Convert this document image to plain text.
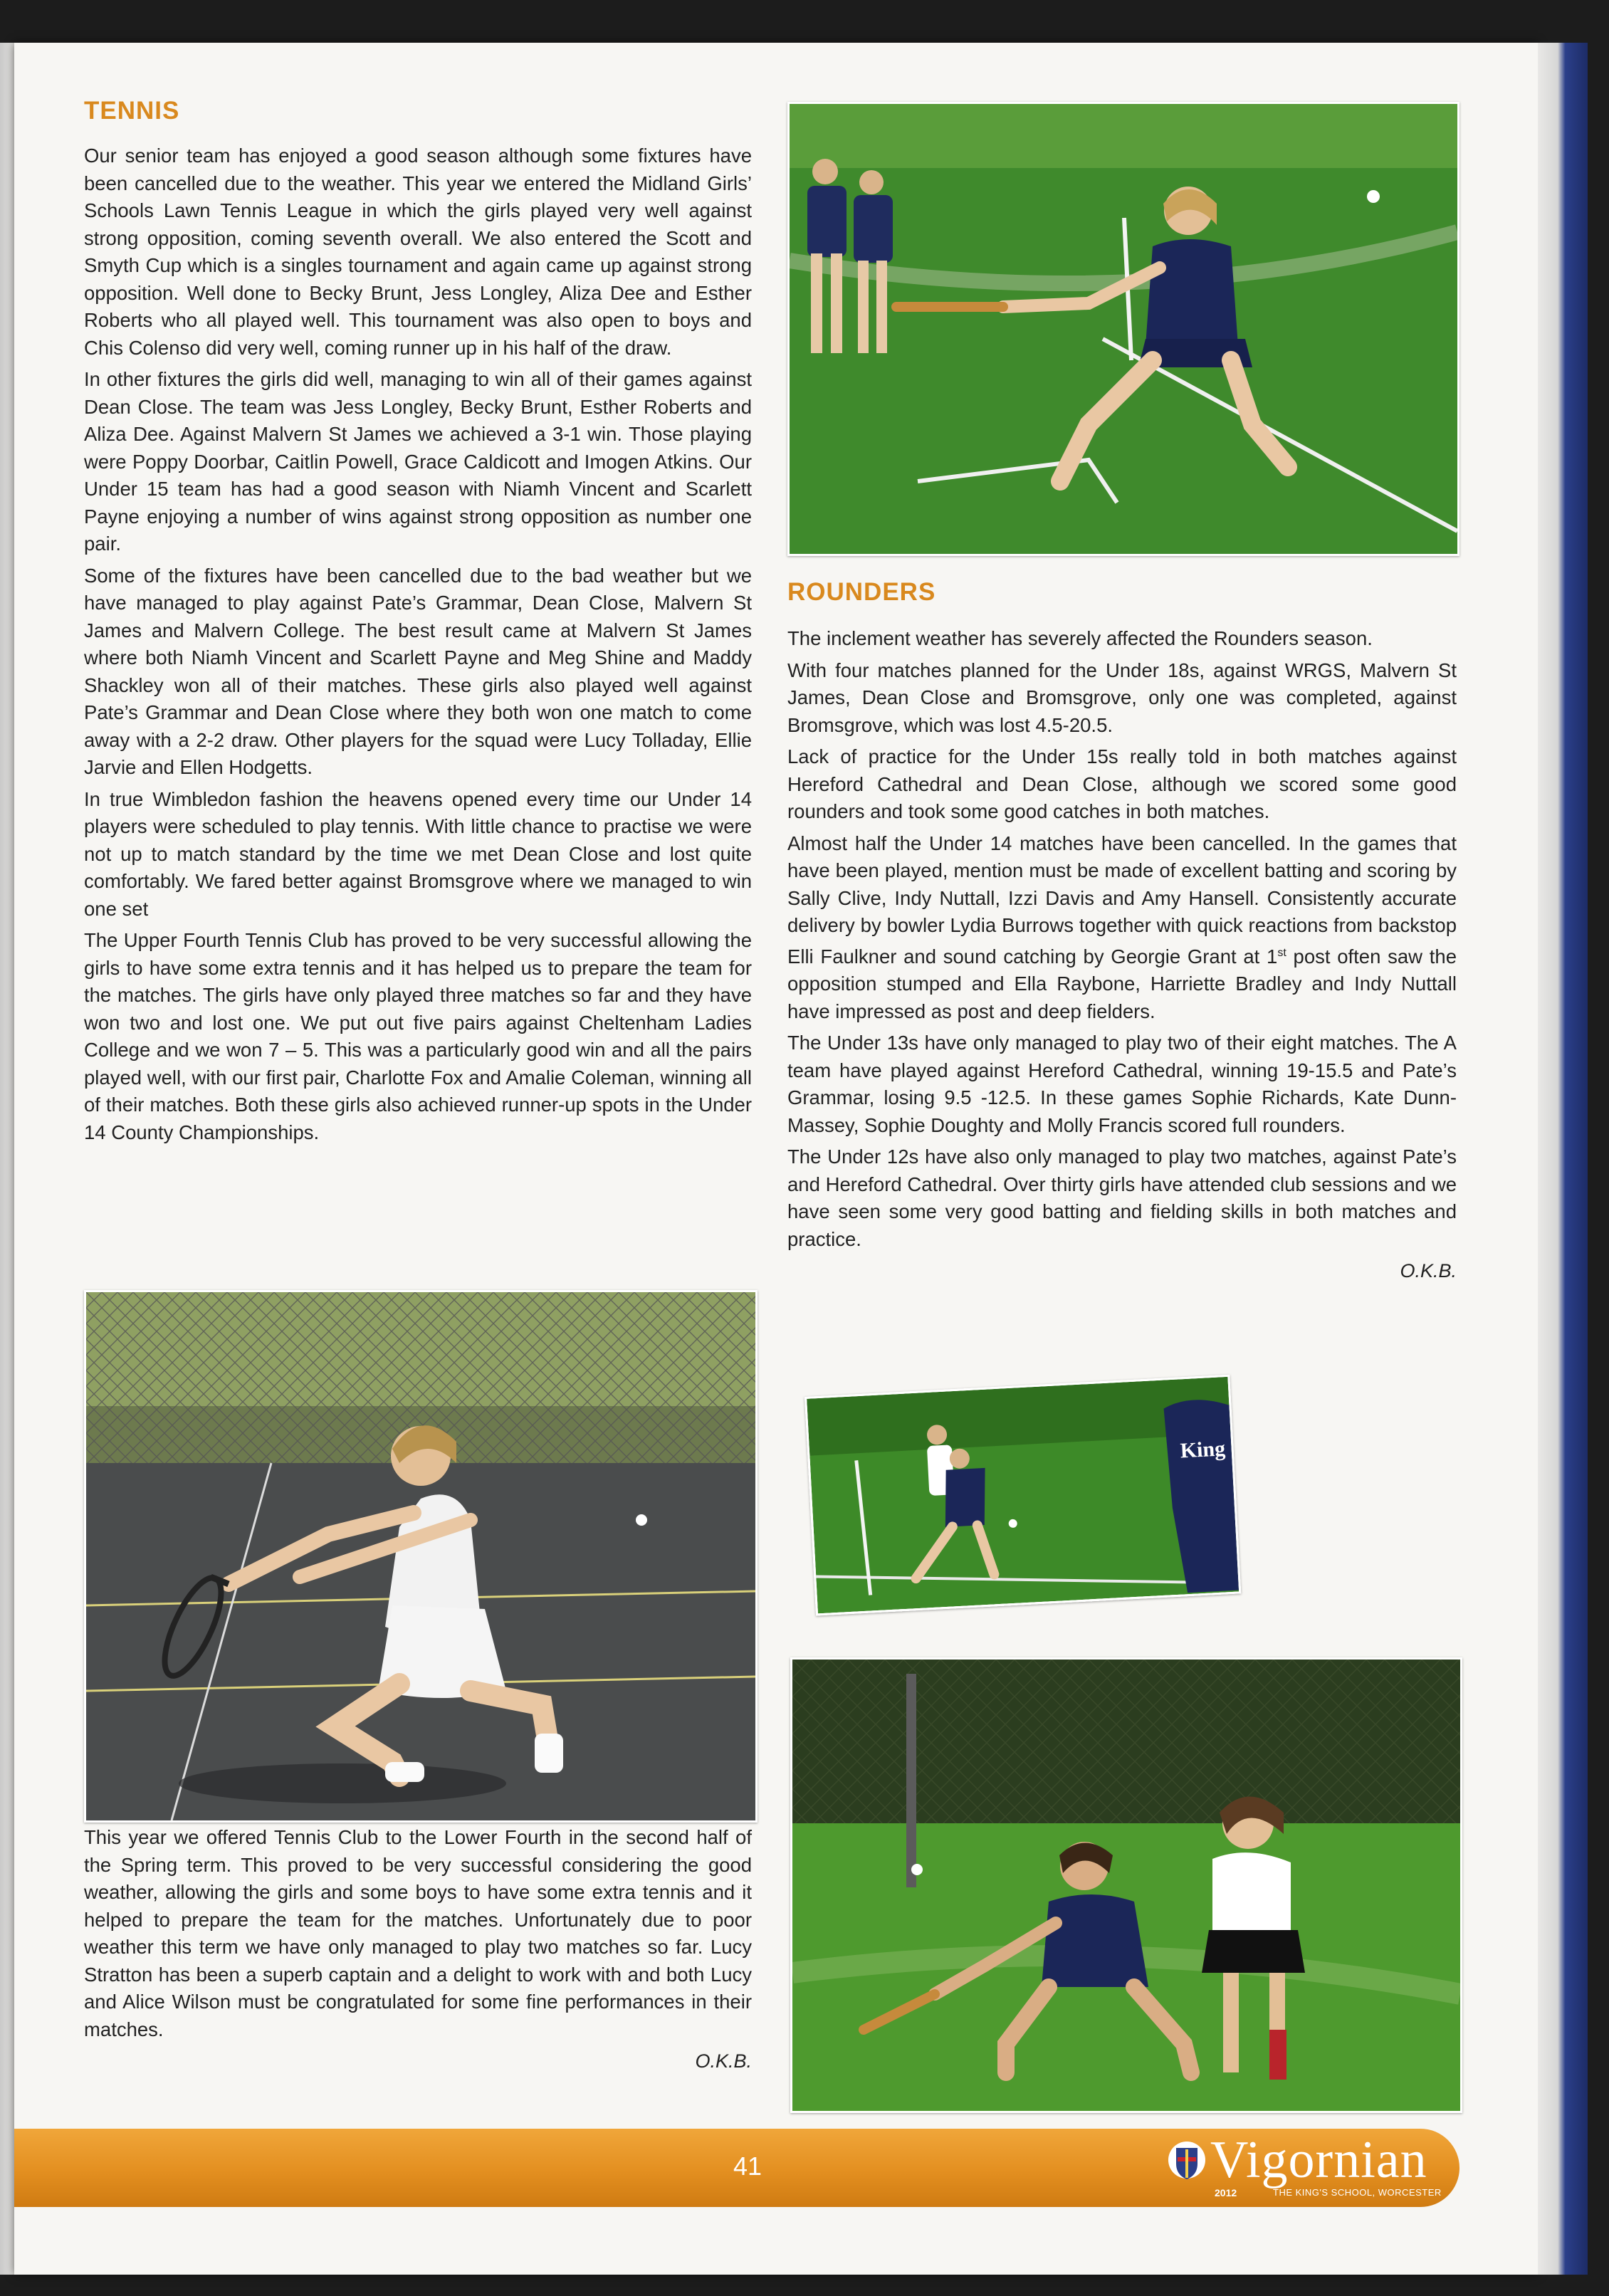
TENNIS

Our senior team has enjoyed a good season although some fixtures have been cancelled due to the weather. This year we entered the Midland Girls’ Schools Lawn Tennis League in which the girls played very well against strong opposition, coming seventh overall. We also entered the Scott and Smyth Cup which is a singles tournament and again came up against strong opposition. Well done to Becky Brunt, Jess Longley, Aliza Dee and Esther Roberts who all played well. This tournament was also open to boys and Chis Colenso did very well, coming runner up in his half of the draw.

In other fixtures the girls did well, managing to win all of their games against Dean Close. The team was Jess Longley, Becky Brunt, Esther Roberts and Aliza Dee. Against Malvern St James we achieved a 3-1 win. Those playing were Poppy Doorbar, Caitlin Powell, Grace Caldicott and Imogen Atkins. Our Under 15 team has had a good season with Niamh Vincent and Scarlett Payne enjoying a number of wins against strong opposition as number one pair.

Some of the fixtures have been cancelled due to the bad weather but we have managed to play against Pate’s Grammar, Dean Close, Malvern St James and Malvern College. The best result came at Malvern St James where both Niamh Vincent and Scarlett Payne and Meg Shine and Maddy Shackley won all of their matches. These girls also played well against Pate’s Grammar and Dean Close where they both won one match to come away with a 2-2 draw. Other players for the squad were Lucy Tolladay, Ellie Jarvie and Ellen Hodgetts.

In true Wimbledon fashion the heavens opened every time our Under 14 players were scheduled to play tennis. With little chance to practise we were not up to match standard by the time we met Dean Close and lost quite comfortably. We fared better against Bromsgrove where we managed to win one set

The Upper Fourth Tennis Club has proved to be very successful allowing the girls to have some extra tennis and it has helped us to prepare the team for the matches. The girls have only played three matches so far and they have won two and lost one. We put out five pairs against Cheltenham Ladies College and we won 7 – 5. This was a particularly good win and all the pairs played well, with our first pair, Charlotte Fox and Amalie Coleman, winning all of their matches. Both these girls also achieved runner-up spots in the Under 14 County Championships.

This year we offered Tennis Club to the Lower Fourth in the second half of the Spring term. This proved to be very successful considering the good weather, allowing the girls and some boys to have some extra tennis and it helped to prepare the team for the matches. Unfortunately due to poor weather this term we have only managed to play two matches so far. Lucy Stratton has been a superb captain and a delight to work with and both Lucy and Alice Wilson must be congratulated for some fine performances in their matches.

O.K.B.

ROUNDERS

The inclement weather has severely affected the Rounders season.

With four matches planned for the Under 18s, against WRGS, Malvern St James, Dean Close and Bromsgrove, only one was completed, against Bromsgrove, which was lost 4.5-20.5.

Lack of practice for the Under 15s really told in both matches against Hereford Cathedral and Dean Close, although we scored some good rounders and took some good catches in both matches.

Almost half the Under 14 matches have been cancelled. In the games that have been played, mention must be made of excellent batting and scoring by Sally Clive, Indy Nuttall, Izzi Davis and Amy Hansell. Consistently accurate delivery by bowler Lydia Burrows together with quick reactions from backstop Elli Faulkner and sound catching by Georgie Grant at 1st post often saw the opposition stumped and Ella Raybone, Harriette Bradley and Indy Nuttall have impressed as post and deep fielders.

The Under 13s have only managed to play two of their eight matches. The A team have played against Hereford Cathedral, winning 19-15.5 and Pate’s Grammar, losing 9.5 -12.5. In these games Sophie Richards, Kate Dunn-Massey, Sophie Doughty and Molly Francis scored full rounders.

The Under 12s have also only managed to play two matches, against Pate’s and Hereford Cathedral. Over thirty girls have attended club sessions and we have seen some very good batting and fielding skills in both matches and practice.

O.K.B.

King
41	Vigornian
2012	THE KING'S SCHOOL, WORCESTER
